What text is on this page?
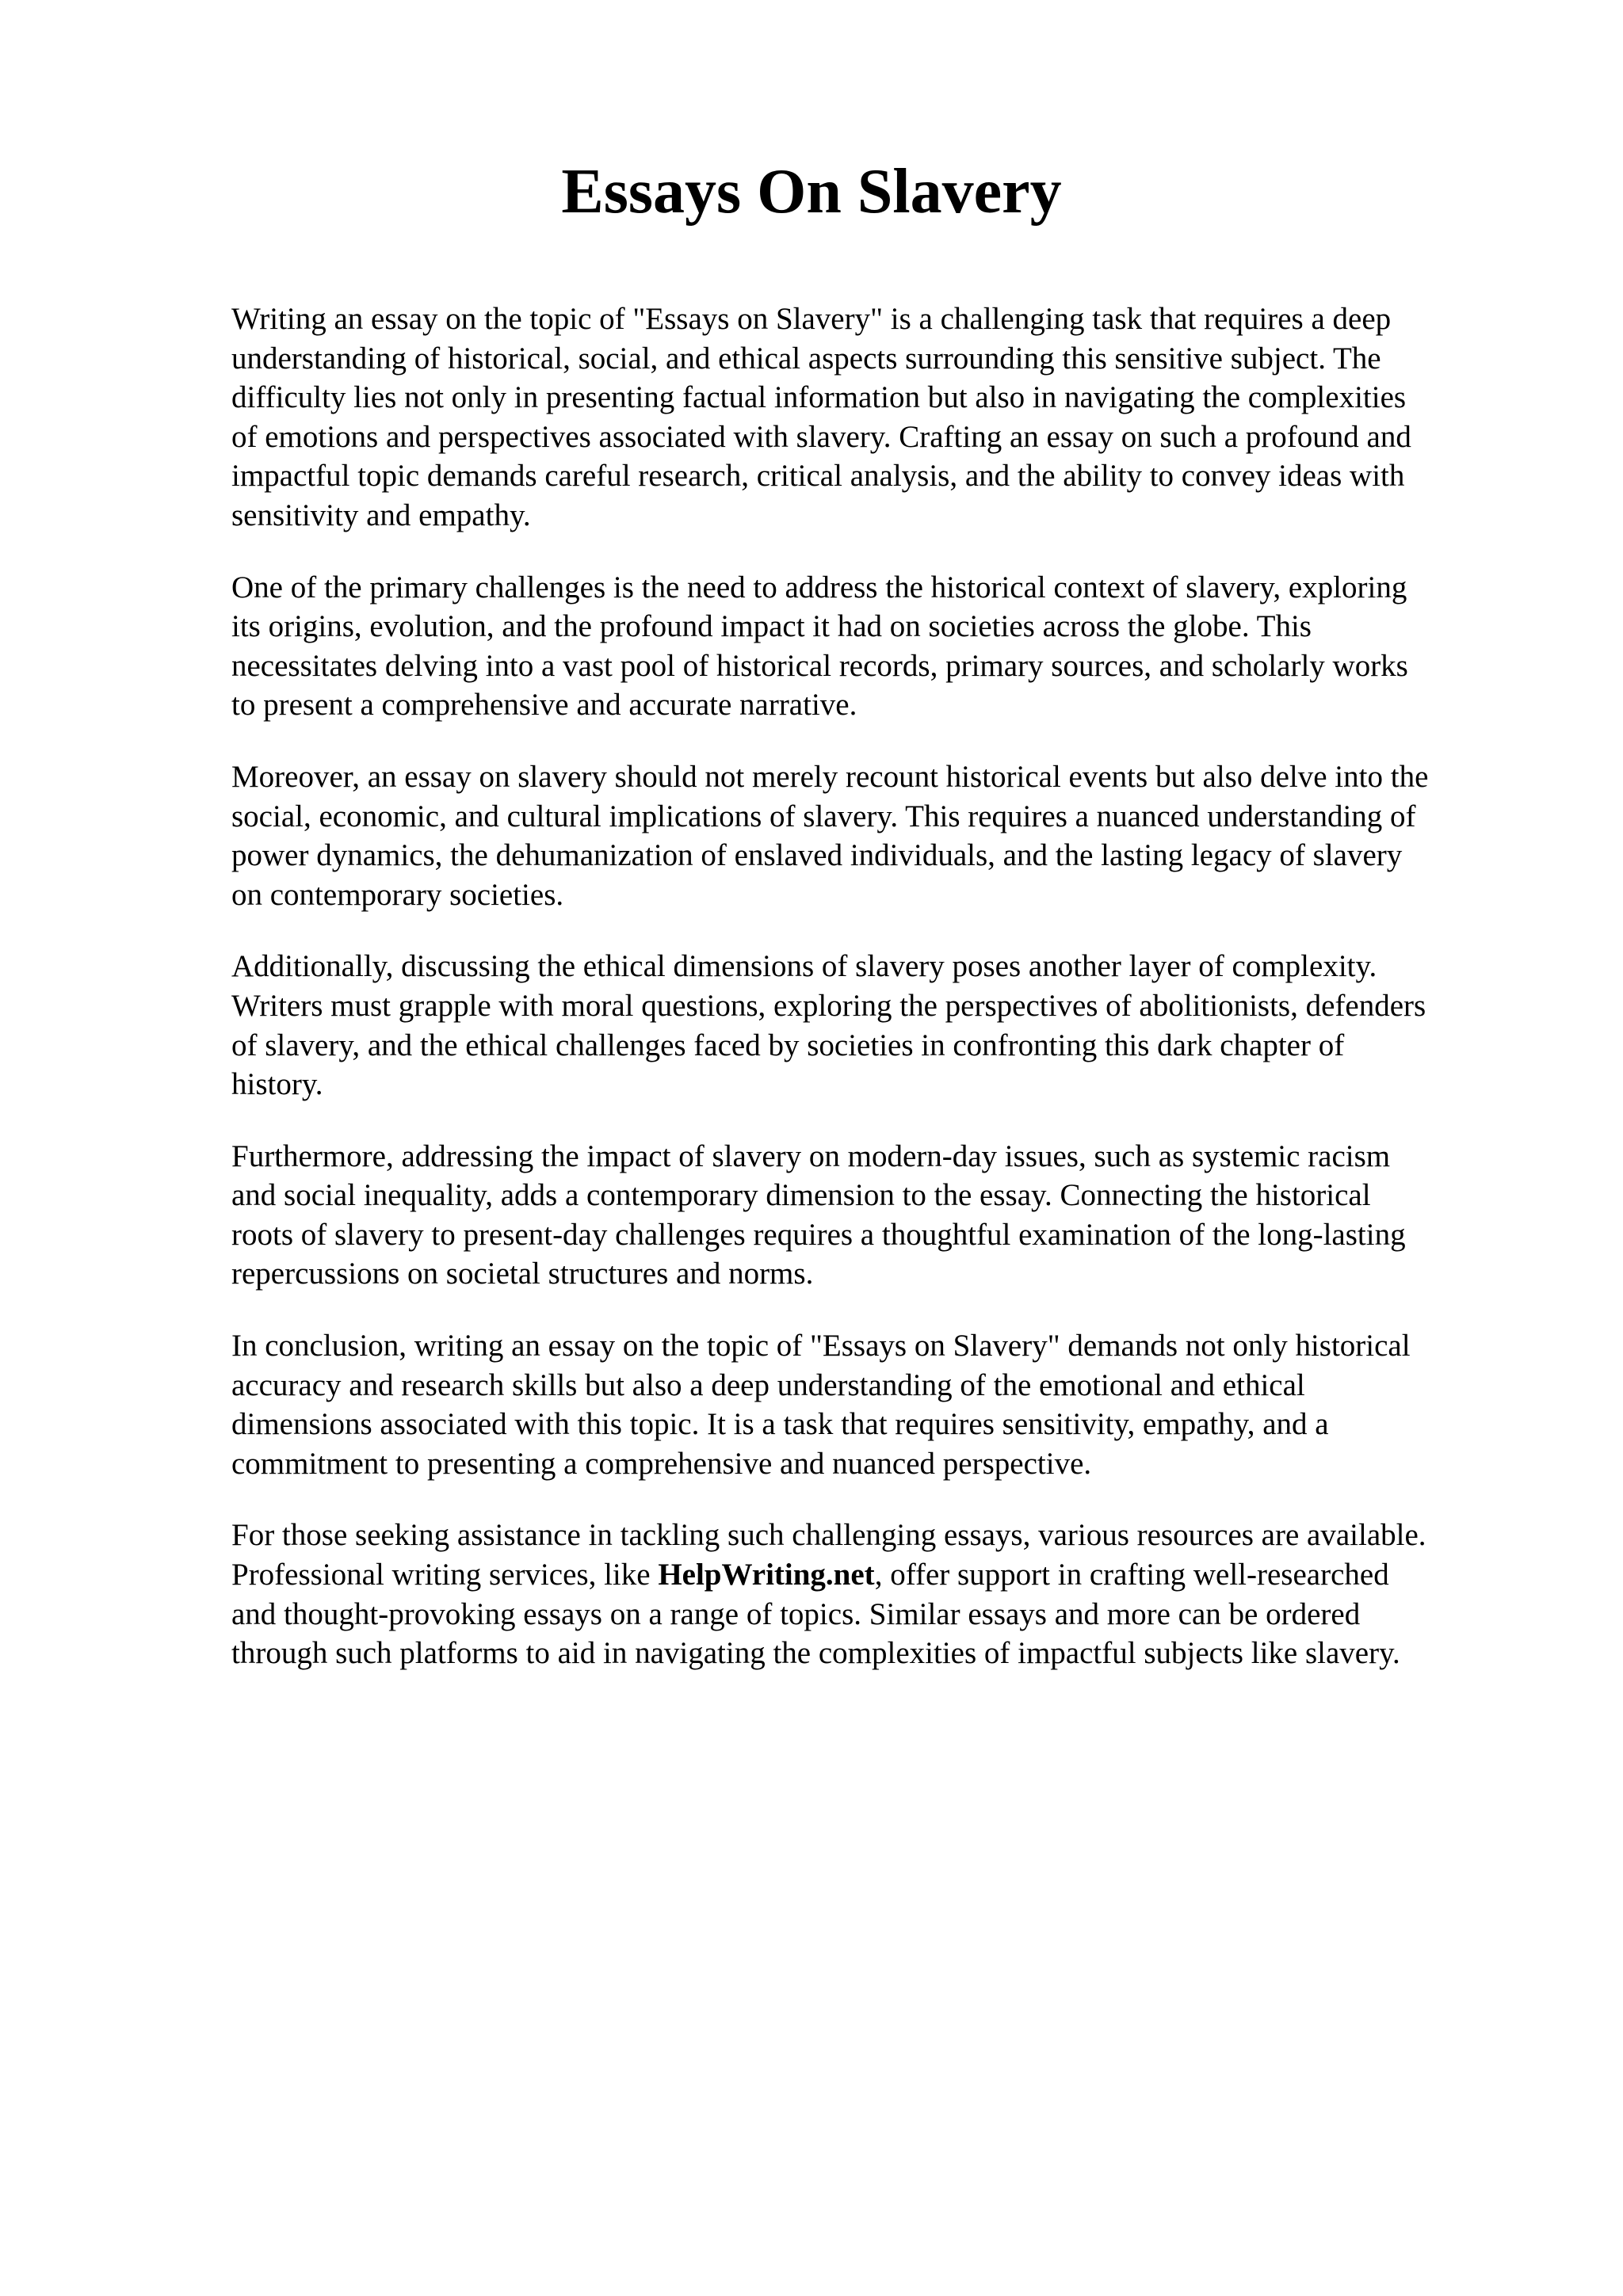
Essays On Slavery

Writing an essay on the topic of "Essays on Slavery" is a challenging task that requires a deep
understanding of historical, social, and ethical aspects surrounding this sensitive subject. The
difficulty lies not only in presenting factual information but also in navigating the complexities
of emotions and perspectives associated with slavery. Crafting an essay on such a profound and
impactful topic demands careful research, critical analysis, and the ability to convey ideas with
sensitivity and empathy.

One of the primary challenges is the need to address the historical context of slavery, exploring
its origins, evolution, and the profound impact it had on societies across the globe. This
necessitates delving into a vast pool of historical records, primary sources, and scholarly works
to present a comprehensive and accurate narrative.

Moreover, an essay on slavery should not merely recount historical events but also delve into the
social, economic, and cultural implications of slavery. This requires a nuanced understanding of
power dynamics, the dehumanization of enslaved individuals, and the lasting legacy of slavery
on contemporary societies.

Additionally, discussing the ethical dimensions of slavery poses another layer of complexity.
Writers must grapple with moral questions, exploring the perspectives of abolitionists, defenders
of slavery, and the ethical challenges faced by societies in confronting this dark chapter of
history.

Furthermore, addressing the impact of slavery on modern-day issues, such as systemic racism
and social inequality, adds a contemporary dimension to the essay. Connecting the historical
roots of slavery to present-day challenges requires a thoughtful examination of the long-lasting
repercussions on societal structures and norms.

In conclusion, writing an essay on the topic of "Essays on Slavery" demands not only historical
accuracy and research skills but also a deep understanding of the emotional and ethical
dimensions associated with this topic. It is a task that requires sensitivity, empathy, and a
commitment to presenting a comprehensive and nuanced perspective.

For those seeking assistance in tackling such challenging essays, various resources are available.
Professional writing services, like HelpWriting.net, offer support in crafting well-researched
and thought-provoking essays on a range of topics. Similar essays and more can be ordered
through such platforms to aid in navigating the complexities of impactful subjects like slavery.
